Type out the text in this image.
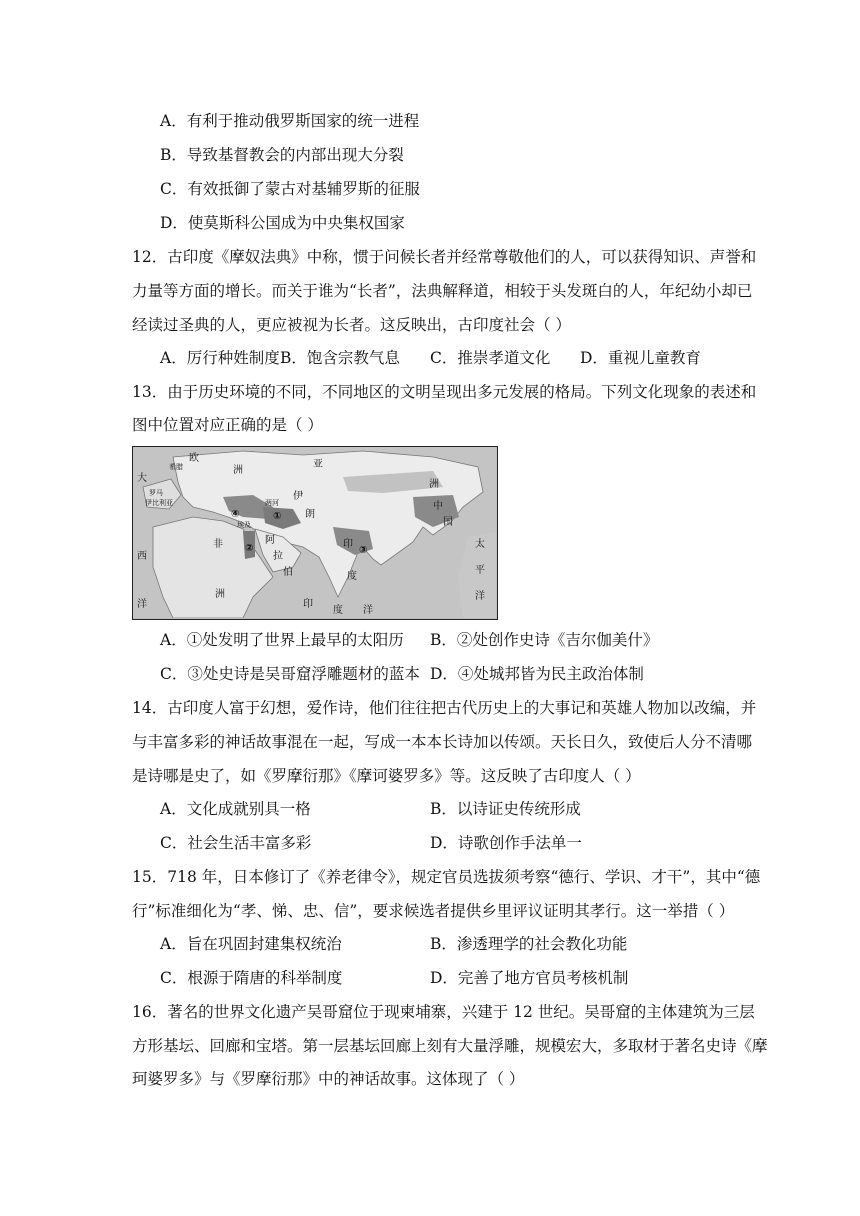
A．有利于推动俄罗斯国家的统一进程
B．导致基督教会的内部出现大分裂
C．有效抵御了蒙古对基辅罗斯的征服
D．使莫斯科公国成为中央集权国家
12．古印度《摩奴法典》中称，惯于问候长者并经常尊敬他们的人，可以获得知识、声誉和
力量等方面的增长。而关于谁为“长者”，法典解释道，相较于头发斑白的人，年纪幼小却已
经读过圣典的人，更应被视为长者。这反映出，古印度社会（ ）
A．厉行种姓制度 B．饱含宗教气息 C．推崇孝道文化 D．重视儿童教育
13．由于历史环境的不同，不同地区的文明呈现出多元发展的格局。下列文化现象的表述和
图中位置对应正确的是（ ）
欧
洲
亚
洲
大
西
洋
非
洲
阿
拉
伯
伊
朗
印
度
中
国
太
平
洋
印
度 洋
希腊
罗马
伊比利亚
埃及
两河
①
②	③
④
A．①处发明了世界上最早的太阳历 B．②处创作史诗《吉尔伽美什》
C．③处史诗是吴哥窟浮雕题材的蓝本 D．④处城邦皆为民主政治体制
14．古印度人富于幻想，爱作诗，他们往往把古代历史上的大事记和英雄人物加以改编，并
与丰富多彩的神话故事混在一起，写成一本本长诗加以传颂。天长日久，致使后人分不清哪
是诗哪是史了，如《罗摩衍那》《摩诃婆罗多》等。这反映了古印度人（ ）
A．文化成就别具一格	B．以诗证史传统形成
C．社会生活丰富多彩	D．诗歌创作手法单一
15．718 年，日本修订了《养老律令》，规定官员选拔须考察“德行、学识、才干”，其中“德
行”标准细化为“孝、悌、忠、信”，要求候选者提供乡里评议证明其孝行。这一举措（ ）
A．旨在巩固封建集权统治	B．渗透理学的社会教化功能
C．根源于隋唐的科举制度	D．完善了地方官员考核机制
16．著名的世界文化遗产吴哥窟位于现柬埔寨，兴建于 12 世纪。吴哥窟的主体建筑为三层
方形基坛、回廊和宝塔。第一层基坛回廊上刻有大量浮雕，规模宏大，多取材于著名史诗《摩
珂婆罗多》与《罗摩衍那》中的神话故事。这体现了（ ）
